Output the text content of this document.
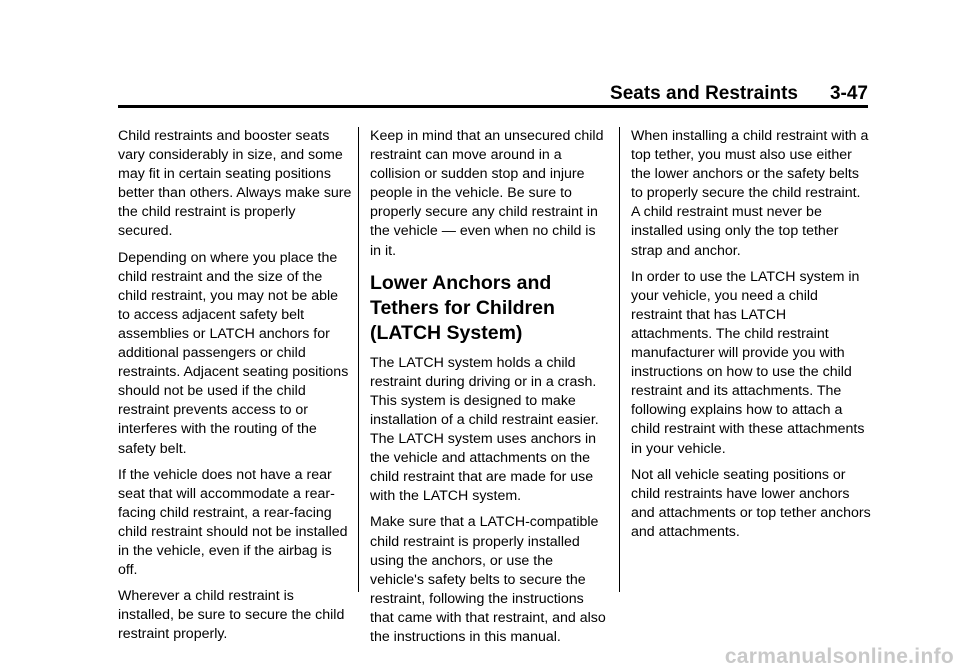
Seats and Restraints 3-47

Child restraints and booster seats vary considerably in size, and some may fit in certain seating positions better than others. Always make sure the child restraint is properly secured.

Depending on where you place the child restraint and the size of the child restraint, you may not be able to access adjacent safety belt assemblies or LATCH anchors for additional passengers or child restraints. Adjacent seating positions should not be used if the child restraint prevents access to or interferes with the routing of the safety belt.

If the vehicle does not have a rear seat that will accommodate a rear-facing child restraint, a rear-facing child restraint should not be installed in the vehicle, even if the airbag is off.

Wherever a child restraint is installed, be sure to secure the child restraint properly.

Keep in mind that an unsecured child restraint can move around in a collision or sudden stop and injure people in the vehicle. Be sure to properly secure any child restraint in the vehicle — even when no child is in it.

Lower Anchors and Tethers for Children (LATCH System)

The LATCH system holds a child restraint during driving or in a crash. This system is designed to make installation of a child restraint easier. The LATCH system uses anchors in the vehicle and attachments on the child restraint that are made for use with the LATCH system.

Make sure that a LATCH-compatible child restraint is properly installed using the anchors, or use the vehicle's safety belts to secure the restraint, following the instructions that came with that restraint, and also the instructions in this manual.

When installing a child restraint with a top tether, you must also use either the lower anchors or the safety belts to properly secure the child restraint. A child restraint must never be installed using only the top tether strap and anchor.

In order to use the LATCH system in your vehicle, you need a child restraint that has LATCH attachments. The child restraint manufacturer will provide you with instructions on how to use the child restraint and its attachments. The following explains how to attach a child restraint with these attachments in your vehicle.

Not all vehicle seating positions or child restraints have lower anchors and attachments or top tether anchors and attachments.

carmanualsonline.info
